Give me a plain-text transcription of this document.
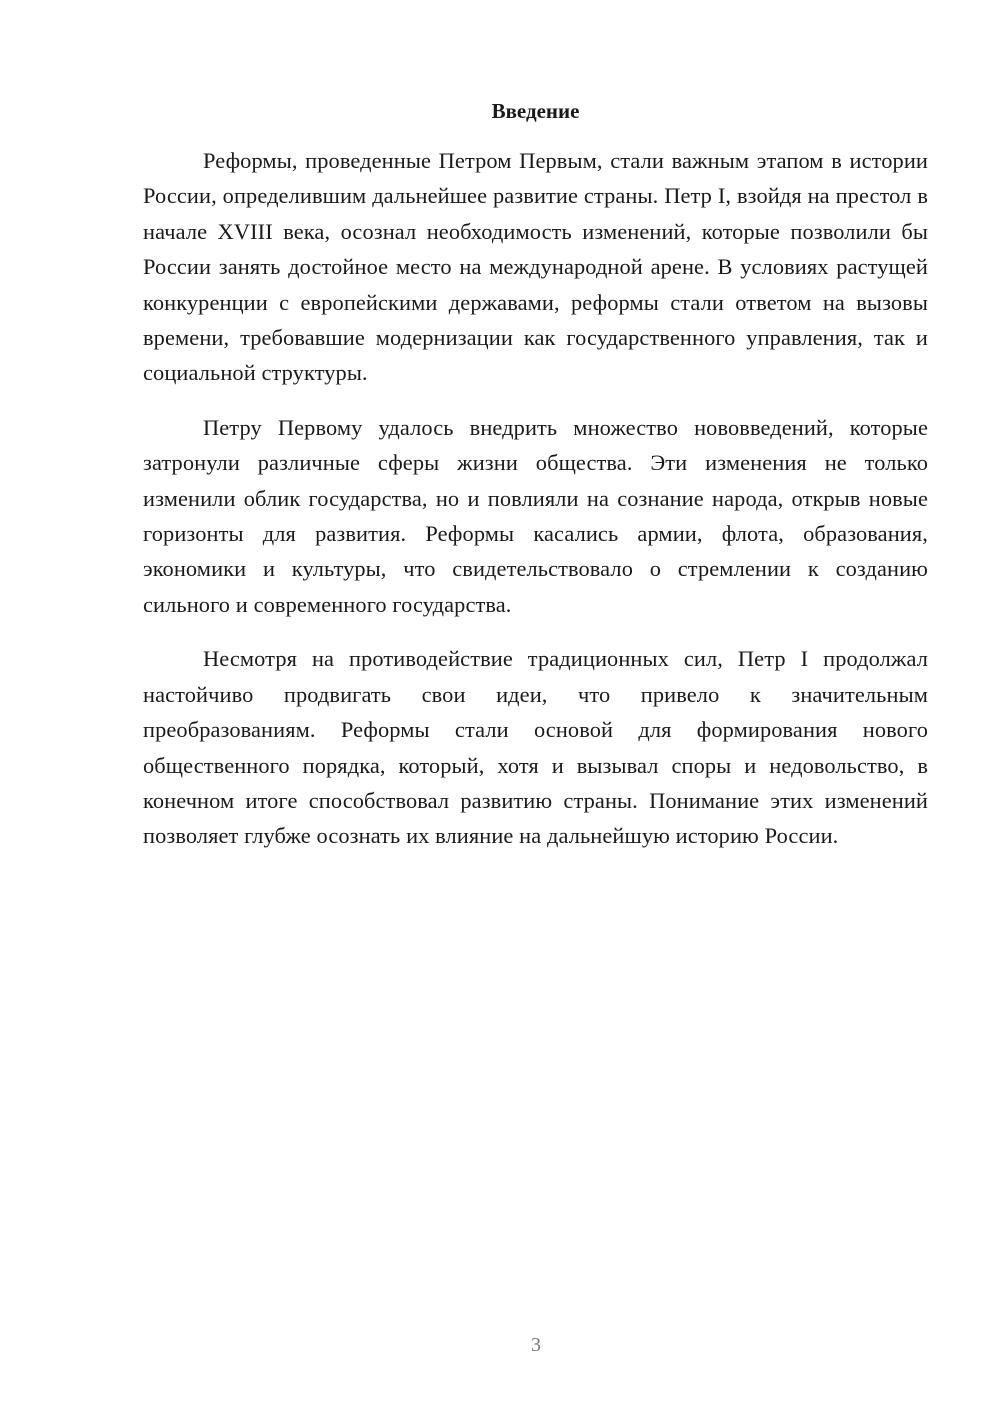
Введение

Реформы, проведенные Петром Первым, стали важным этапом в истории России, определившим дальнейшее развитие страны. Петр I, взойдя на престол в начале XVIII века, осознал необходимость изменений, которые позволили бы России занять достойное место на международной арене. В условиях растущей конкуренции с европейскими державами, реформы стали ответом на вызовы времени, требовавшие модернизации как государственного управления, так и социальной структуры.

Петру Первому удалось внедрить множество нововведений, которые затронули различные сферы жизни общества. Эти изменения не только изменили облик государства, но и повлияли на сознание народа, открыв новые горизонты для развития. Реформы касались армии, флота, образования, экономики и культуры, что свидетельствовало о стремлении к созданию сильного и современного государства.

Несмотря на противодействие традиционных сил, Петр I продолжал настойчиво продвигать свои идеи, что привело к значительным преобразованиям. Реформы стали основой для формирования нового общественного порядка, который, хотя и вызывал споры и недовольство, в конечном итоге способствовал развитию страны. Понимание этих изменений позволяет глубже осознать их влияние на дальнейшую историю России.

3
